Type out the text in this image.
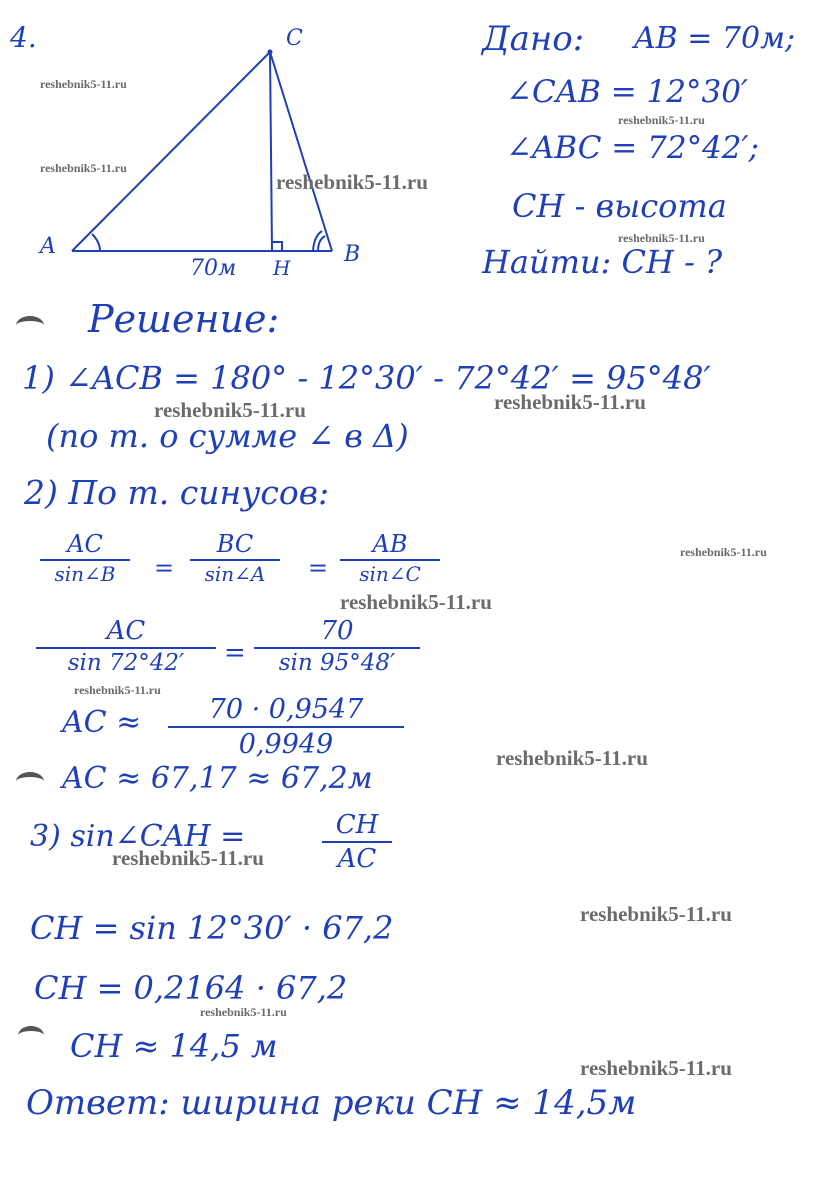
4.	C
A	B
H
70м
Дано: AB = 70м;
∠CAB = 12°30′
∠ABC = 72°42′;
CH - высота
Найти: CH - ?
Решение:
1) ∠ACB = 180° - 12°30′ - 72°42′ = 95°48′
(по т. о сумме ∠ в Δ)
2) По т. синусов:
AC
sin∠B	=
BC
sin∠A	=
AB
sin∠C
AC
sin 72°42′	=
70
sin 95°48′
AC ≈	70 · 0,9547
0,9949
AC ≈ 67,17 ≈ 67,2м
3) sin∠CAH =	CH
AC
CH = sin 12°30′ · 67,2
CH = 0,2164 · 67,2
CH ≈ 14,5 м
Ответ: ширина реки CH ≈ 14,5м
reshebnik5-11.ru
reshebnik5-11.ru
reshebnik5-11.ru
reshebnik5-11.ru
reshebnik5-11.ru
reshebnik5-11.ru	reshebnik5-11.ru
reshebnik5-11.ru
reshebnik5-11.ru
reshebnik5-11.ru
reshebnik5-11.ru
reshebnik5-11.ru
reshebnik5-11.ru
reshebnik5-11.ru
reshebnik5-11.ru
